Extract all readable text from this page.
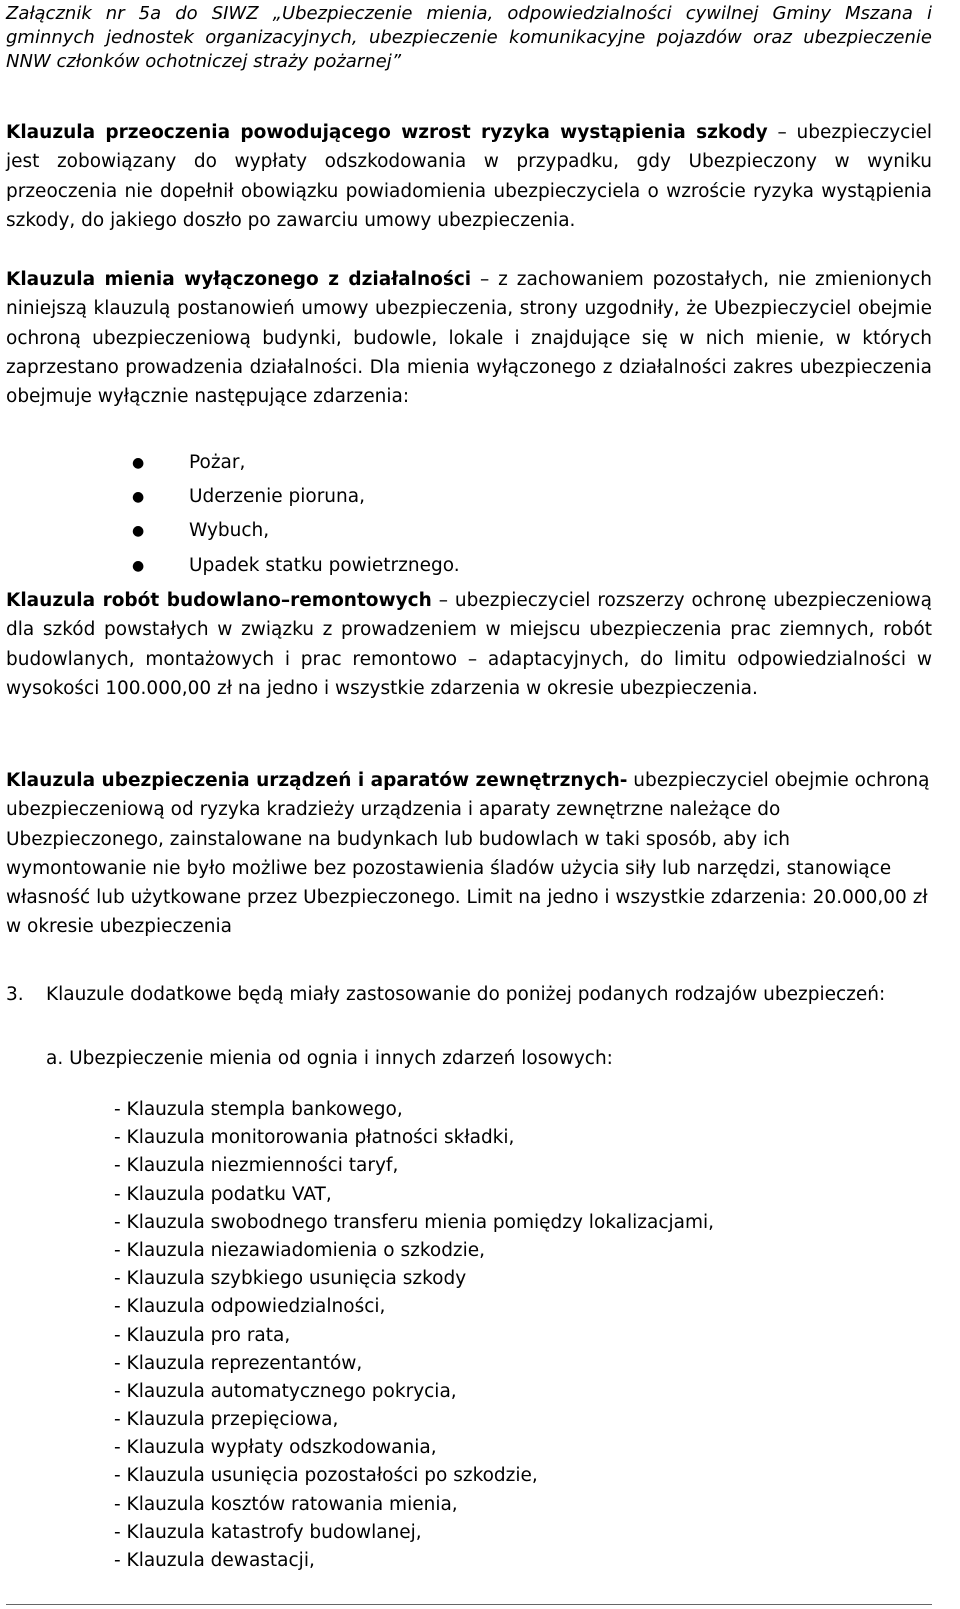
Załącznik nr 5a do SIWZ „Ubezpieczenie mienia, odpowiedzialności cywilnej Gminy Mszana i gminnych jednostek organizacyjnych, ubezpieczenie komunikacyjne pojazdów oraz ubezpieczenie NNW członków ochotniczej straży pożarnej”
Klauzula przeoczenia powodującego wzrost ryzyka wystąpienia szkody – ubezpieczyciel jest zobowiązany do wypłaty odszkodowania w przypadku, gdy Ubezpieczony w wyniku przeoczenia nie dopełnił obowiązku powiadomienia ubezpieczyciela o wzroście ryzyka wystąpienia szkody, do jakiego doszło po zawarciu umowy ubezpieczenia.
Klauzula mienia wyłączonego z działalności – z zachowaniem pozostałych, nie zmienionych niniejszą klauzulą postanowień umowy ubezpieczenia, strony uzgodniły, że Ubezpieczyciel obejmie ochroną ubezpieczeniową budynki, budowle, lokale i znajdujące się w nich mienie, w których zaprzestano prowadzenia działalności. Dla mienia wyłączonego z działalności zakres ubezpieczenia obejmuje wyłącznie następujące zdarzenia:
● Pożar,
● Uderzenie pioruna,
● Wybuch,
● Upadek statku powietrznego.
Klauzula robót budowlano–remontowych – ubezpieczyciel rozszerzy ochronę ubezpieczeniową dla szkód powstałych w związku z prowadzeniem w miejscu ubezpieczenia prac ziemnych, robót budowlanych, montażowych i prac remontowo – adaptacyjnych, do limitu odpowiedzialności w wysokości 100.000,00 zł na jedno i wszystkie zdarzenia w okresie ubezpieczenia.
Klauzula ubezpieczenia urządzeń i aparatów zewnętrznych- ubezpieczyciel obejmie ochroną ubezpieczeniową od ryzyka kradzieży urządzenia i aparaty zewnętrzne należące do Ubezpieczonego, zainstalowane na budynkach lub budowlach w taki sposób, aby ich wymontowanie nie było możliwe bez pozostawienia śladów użycia siły lub narzędzi, stanowiące własność lub użytkowane przez Ubezpieczonego. Limit na jedno i wszystkie zdarzenia: 20.000,00 zł w okresie ubezpieczenia
3. Klauzule dodatkowe będą miały zastosowanie do poniżej podanych rodzajów ubezpieczeń:
a. Ubezpieczenie mienia od ognia i innych zdarzeń losowych:
- Klauzula stempla bankowego,
- Klauzula monitorowania płatności składki,
- Klauzula niezmienności taryf,
- Klauzula podatku VAT,
- Klauzula swobodnego transferu mienia pomiędzy lokalizacjami,
- Klauzula niezawiadomienia o szkodzie,
- Klauzula szybkiego usunięcia szkody
- Klauzula odpowiedzialności,
- Klauzula pro rata,
- Klauzula reprezentantów,
- Klauzula automatycznego pokrycia,
- Klauzula przepięciowa,
- Klauzula wypłaty odszkodowania,
- Klauzula usunięcia pozostałości po szkodzie,
- Klauzula kosztów ratowania mienia,
- Klauzula katastrofy budowlanej,
- Klauzula dewastacji,
